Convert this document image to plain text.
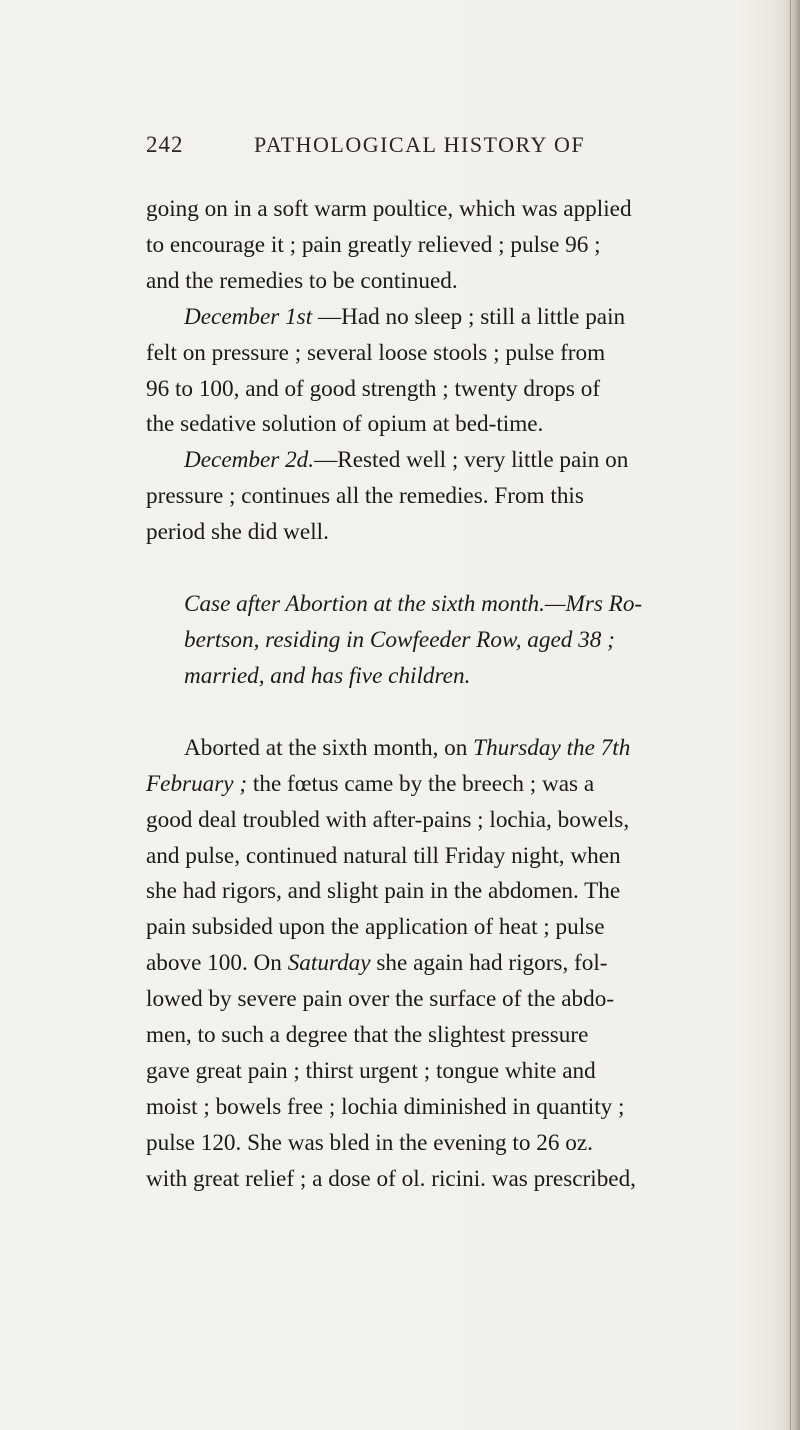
242	PATHOLOGICAL HISTORY OF

going on in a soft warm poultice, which was applied
to encourage it ; pain greatly relieved ; pulse 96 ;
and the remedies to be continued.

December 1st —Had no sleep ; still a little pain
felt on pressure ; several loose stools ; pulse from
96 to 100, and of good strength ; twenty drops of
the sedative solution of opium at bed-time.

December 2d.—Rested well ; very little pain on
pressure ; continues all the remedies. From this
period she did well.

Case after Abortion at the sixth month.—Mrs Ro-
bertson, residing in Cowfeeder Row, aged 38 ;
married, and has five children.

Aborted at the sixth month, on Thursday the 7th
February ; the fœtus came by the breech ; was a
good deal troubled with after-pains ; lochia, bowels,
and pulse, continued natural till Friday night, when
she had rigors, and slight pain in the abdomen. The
pain subsided upon the application of heat ; pulse
above 100. On Saturday she again had rigors, fol-
lowed by severe pain over the surface of the abdo-
men, to such a degree that the slightest pressure
gave great pain ; thirst urgent ; tongue white and
moist ; bowels free ; lochia diminished in quantity ;
pulse 120. She was bled in the evening to 26 oz.
with great relief ; a dose of ol. ricini. was prescribed,
